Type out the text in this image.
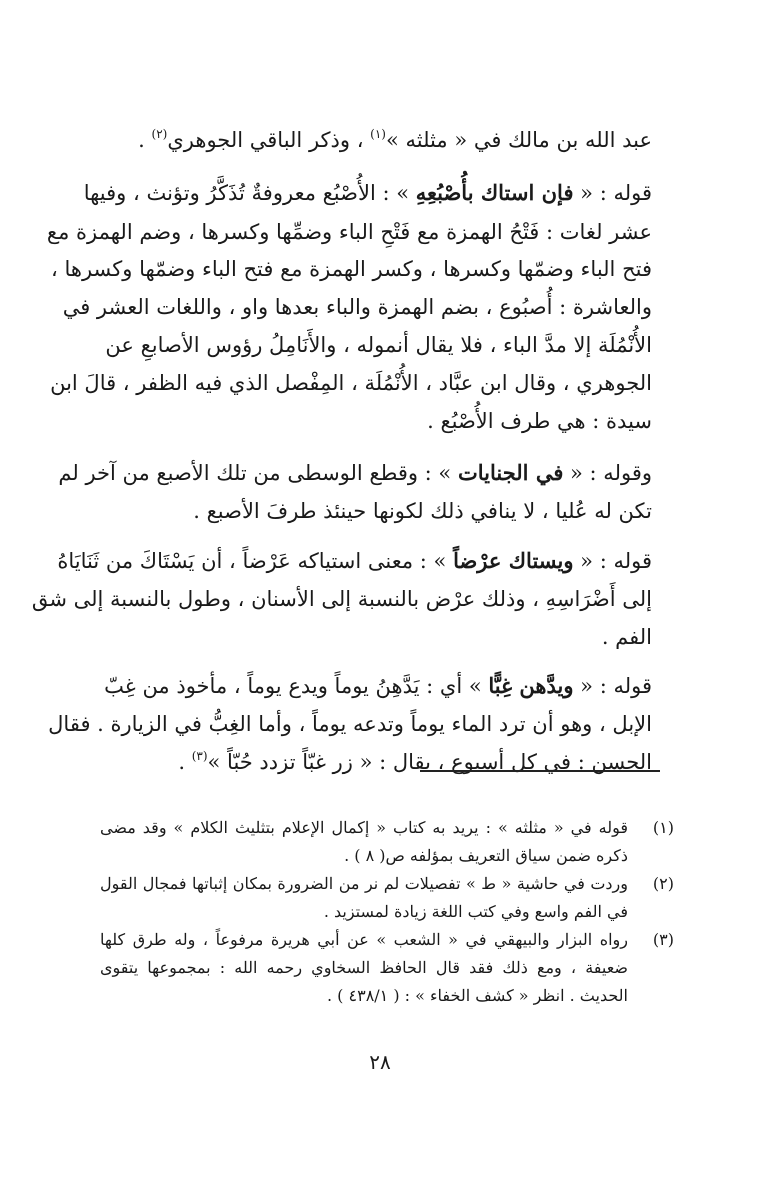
عبد الله بن مالك في « مثلثه »$^{(١)}$ ، وذكر الباقي الجوهري$^{(٢)}$ .
قوله : « فإن استاك بأُصْبُعِهِ » : الأُصْبُع معروفةٌ تُذَكَّرُ وتؤنث ، وفيها
عشر لغات : فَتْحُ الهمزة مع فَتْحِ الباء وضمِّها وكسرها ، وضم الهمزة مع
فتح الباء وضمّها وكسرها ، وكسر الهمزة مع فتح الباء وضمّها وكسرها ،
والعاشرة : أُصبُوع ، بضم الهمزة والباء بعدها واو ، واللغات العشر في
الأُنْمُلَة إلا مدَّ الباء ، فلا يقال أنموله ، والأَنَامِلُ رؤوس الأصابعِ عن
الجوهري ، وقال ابن عبَّاد ، الأُنْمُلَة ، المِفْصل الذي فيه الظفر ، قالَ ابن
سيدة : هي طرف الأُصْبُع .
وقوله : « في الجنايات » : وقطع الوسطى من تلك الأصبع من آخر لم
تكن له عُليا ، لا ينافي ذلك لكونها حينئذ طرفَ الأصبع .
قوله : « ويستاك عرْضاً » : معنى استياكه عَرْضاً ، أن يَسْتَاكَ من ثَنَايَاهُ
إلى أَضْرَاسِهِ ، وذلك عرْض بالنسبة إلى الأسنان ، وطول بالنسبة إلى شق
الفم .
قوله : « ويدَّهن غِبًّا » أي : يَدَّهِنُ يوماً ويدع يوماً ، مأخوذ من غِبّ
الإبل ، وهو أن ترد الماء يوماً وتدعه يوماً ، وأما الغِبُّ في الزيارة . فقال
الحسن : في كل أسبوع ، يقال : « زر غبّاً تزدد حُبّاً »$^{(٣)}$ .
(١)
قوله في « مثلثه » : يريد به كتاب « إكمال الإعلام بتثليث الكلام » وقد مضى
ذكره ضمن سياق التعريف بمؤلفه ص( ٨ ) .
(٢)
وردت في حاشية « ط » تفصيلات لم نر من الضرورة بمكان إثباتها فمجال القول
في الفم واسع وفي كتب اللغة زيادة لمستزيد .
(٣)
رواه البزار والبيهقي في « الشعب » عن أبي هريرة مرفوعاً ، وله طرق كلها
ضعيفة ، ومع ذلك فقد قال الحافظ السخاوي رحمه الله : بمجموعها يتقوى
الحديث . انظر « كشف الخفاء » : ( ٤٣٨/١ ) .
٢٨
